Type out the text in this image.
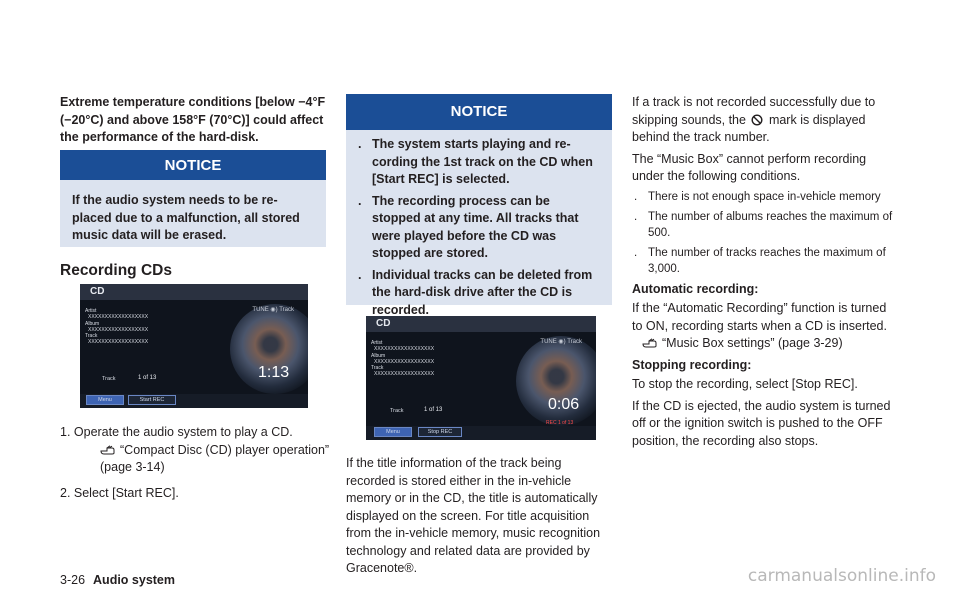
Extreme temperature conditions [below −4°F (−20°C) and above 158°F (70°C)] could affect the performance of the hard-disk.

NOTICE

If the audio system needs to be re-placed due to a malfunction, all stored music data will be erased.

Recording CDs
CD
TUNE ◉) Track
Artist
XXXXXXXXXXXXXXXXXX
Album
XXXXXXXXXXXXXXXXXX
Track
XXXXXXXXXXXXXXXXXX
Track	1 of 13	1:13
Menu	Start REC

1. Operate the audio system to play a CD.

“Compact Disc (CD) player operation” (page 3-14)

2. Select [Start REC].

NOTICE
. The system starts playing and re-cording the 1st track on the CD when [Start REC] is selected.
. The recording process can be stopped at any time. All tracks that were played before the CD was stopped are stored.
. Individual tracks can be deleted from the hard-disk drive after the CD is recorded.
CD
TUNE ◉) Track
Artist
XXXXXXXXXXXXXXXXXX
Album
XXXXXXXXXXXXXXXXXX
Track
XXXXXXXXXXXXXXXXXX
Track	1 of 13	0:06
REC 1 of 13
Menu	Stop REC

If the title information of the track being recorded is stored either in the in-vehicle memory or in the CD, the title is automatically displayed on the screen. For title acquisition from the in-vehicle memory, music recognition technology and related data are provided by Gracenote®.

If a track is not recorded successfully due to skipping sounds, the mark is displayed behind the track number.

The “Music Box” cannot perform recording under the following conditions.

. There is not enough space in-vehicle memory
. The number of albums reaches the maximum of 500.
. The number of tracks reaches the maximum of 3,000.

Automatic recording:

If the “Automatic Recording” function is turned to ON, recording starts when a CD is inserted.

“Music Box settings” (page 3-29)

Stopping recording:

To stop the recording, select [Stop REC].

If the CD is ejected, the audio system is turned off or the ignition switch is pushed to the OFF position, the recording also stops.

3-26 Audio system	carmanualsonline.info
